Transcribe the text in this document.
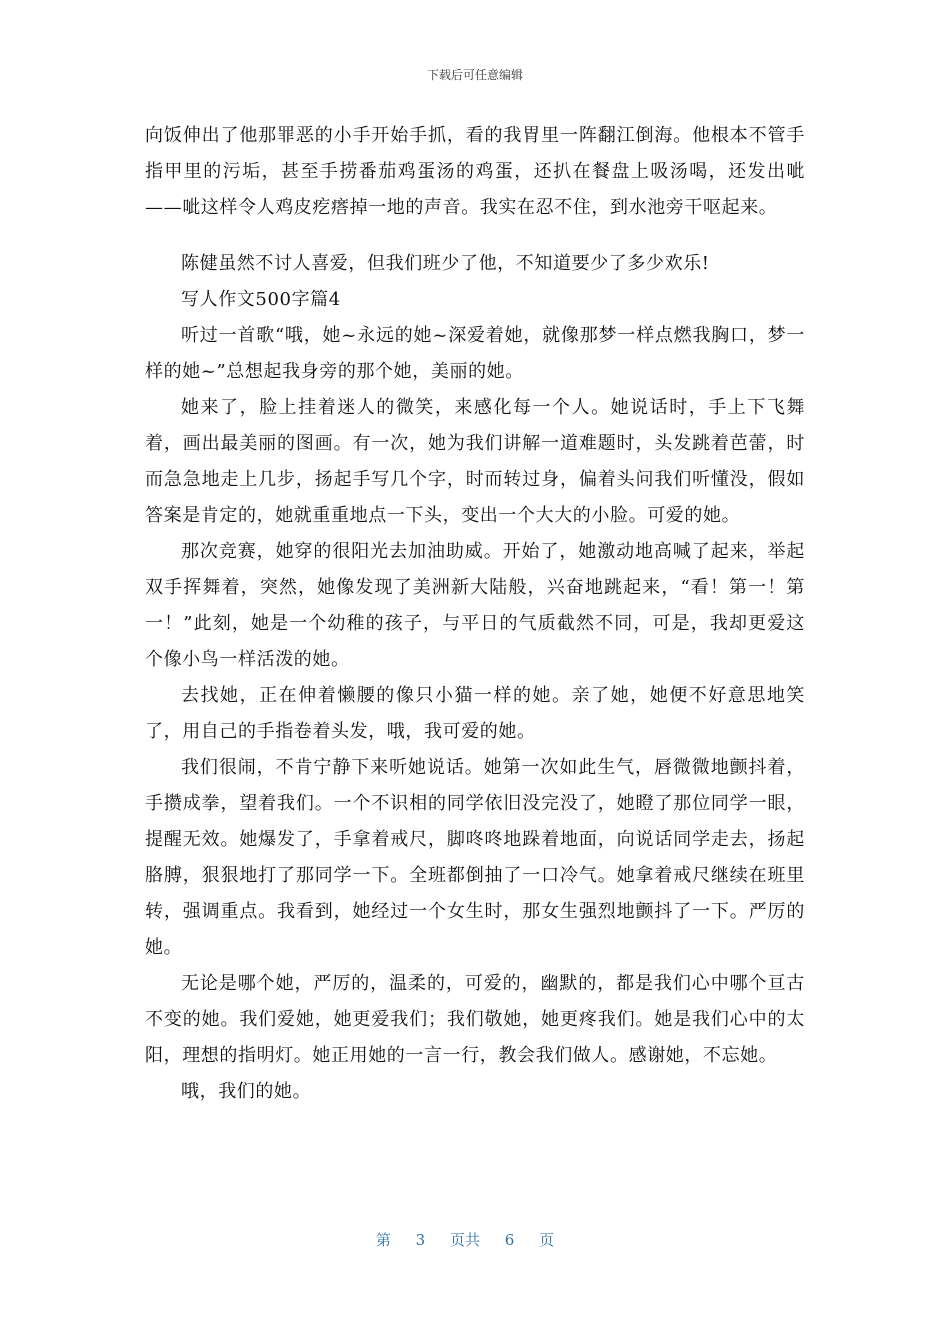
下载后可任意编辑

向饭伸出了他那罪恶的小手开始手抓，看的我胃里一阵翻江倒海。他根本不管手指甲里的污垢，甚至手捞番茄鸡蛋汤的鸡蛋，还扒在餐盘上吸汤喝，还发出呲——呲这样令人鸡皮疙瘩掉一地的声音。我实在忍不住，到水池旁干呕起来。

陈健虽然不讨人喜爱，但我们班少了他，不知道要少了多少欢乐!

写人作文500字篇4

听过一首歌“哦，她~永远的她~深爱着她，就像那梦一样点燃我胸口，梦一样的她~”总想起我身旁的那个她，美丽的她。

她来了，脸上挂着迷人的微笑，来感化每一个人。她说话时，手上下飞舞着，画出最美丽的图画。有一次，她为我们讲解一道难题时，头发跳着芭蕾，时而急急地走上几步，扬起手写几个字，时而转过身，偏着头问我们听懂没，假如答案是肯定的，她就重重地点一下头，变出一个大大的小脸。可爱的她。

那次竞赛，她穿的很阳光去加油助威。开始了，她激动地高喊了起来，举起双手挥舞着，突然，她像发现了美洲新大陆般，兴奋地跳起来，“看！第一！第一！”此刻，她是一个幼稚的孩子，与平日的气质截然不同，可是，我却更爱这个像小鸟一样活泼的她。

去找她，正在伸着懒腰的像只小猫一样的她。亲了她，她便不好意思地笑了，用自己的手指卷着头发，哦，我可爱的她。

我们很闹，不肯宁静下来听她说话。她第一次如此生气，唇微微地颤抖着，手攒成拳，望着我们。一个不识相的同学依旧没完没了，她瞪了那位同学一眼，提醒无效。她爆发了，手拿着戒尺，脚咚咚地跺着地面，向说话同学走去，扬起胳膊，狠狠地打了那同学一下。全班都倒抽了一口冷气。她拿着戒尺继续在班里转，强调重点。我看到，她经过一个女生时，那女生强烈地颤抖了一下。严厉的她。

无论是哪个她，严厉的，温柔的，可爱的，幽默的，都是我们心中哪个亘古不变的她。我们爱她，她更爱我们；我们敬她，她更疼我们。她是我们心中的太阳，理想的指明灯。她正用她的一言一行，教会我们做人。感谢她，不忘她。

哦，我们的她。

第 3 页共 6 页
